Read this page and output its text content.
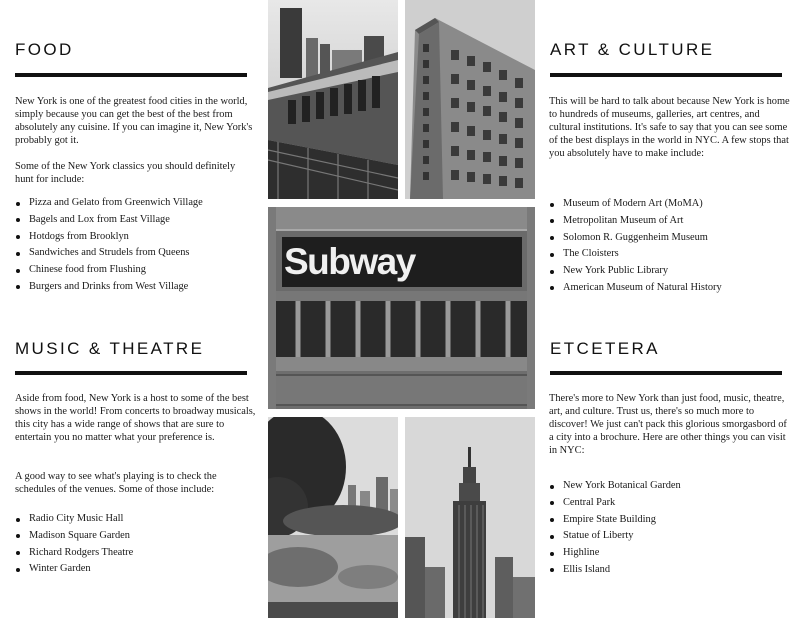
FOOD

New York is one of the greatest food cities in the world, simply because you can get the best of the best from absolutely any cuisine. If you can imagine it, New York's probably got it.

Some of the New York classics you should definitely hunt for include:

Pizza and Gelato from Greenwich Village
Bagels and Lox from East Village
Hotdogs from Brooklyn
Sandwiches and Strudels from Queens
Chinese food from Flushing
Burgers and Drinks from West Village
MUSIC & THEATRE

Aside from food, New York is a host to some of the best shows in the world! From concerts to broadway musicals, this city has a wide range of shows that are sure to entertain you no matter what your preference is.

A good way to see what's playing is to check the schedules of the venues. Some of those include:

Radio City Music Hall
Madison Square Garden
Richard Rodgers Theatre
Winter Garden
Subway
ART & CULTURE

This will be hard to talk about because New York is home to hundreds of museums, galleries, art centres, and cultural institutions. It's safe to say that you can see some of the best displays in the world in NYC. A few stops that you absolutely have to make include:

Museum of Modern Art (MoMA)
Metropolitan Museum of Art
Solomon R. Guggenheim Museum
The Cloisters
New York Public Library
American Museum of Natural History
ETCETERA

There's more to New York than just food, music, theatre, art, and culture. Trust us, there's so much more to discover! We just can't pack this glorious smorgasbord of a city into a brochure. Here are other things you can visit in NYC:

New York Botanical Garden
Central Park
Empire State Building
Statue of Liberty
Highline
Ellis Island
